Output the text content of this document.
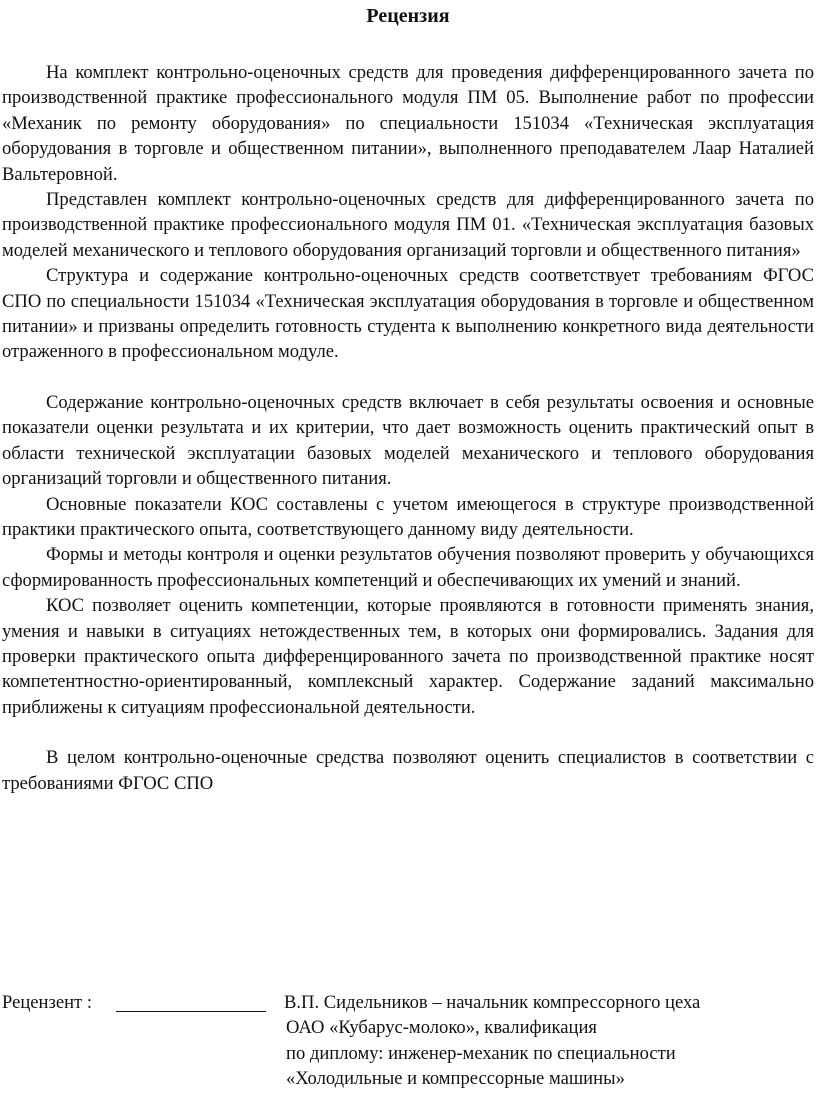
Рецензия

На комплект контрольно-оценочных средств для проведения дифференцированного зачета по производственной практике профессионального модуля ПМ 05. Выполнение работ по профессии «Механик по ремонту оборудования» по специальности 151034 «Техническая эксплуатация оборудования в торговле и общественном питании», выполненного преподавателем Лаар Наталией Вальтеровной.

Представлен комплект контрольно-оценочных средств для дифференцированного зачета по производственной практике профессионального модуля ПМ 01. «Техническая эксплуатация базовых моделей механического и теплового оборудования организаций торговли и общественного питания»

Структура и содержание контрольно-оценочных средств соответствует требованиям ФГОС СПО по специальности 151034 «Техническая эксплуатация оборудования в торговле и общественном питании» и призваны определить готовность студента к выполнению конкретного вида деятельности отраженного в профессиональном модуле.

Содержание контрольно-оценочных средств включает в себя результаты освоения и основные показатели оценки результата и их критерии, что дает возможность оценить практический опыт в области технической эксплуатации базовых моделей механического и теплового оборудования организаций торговли и общественного питания.

Основные показатели КОС составлены с учетом имеющегося в структуре производственной практики практического опыта, соответствующего данному виду деятельности.

Формы и методы контроля и оценки результатов обучения позволяют проверить у обучающихся сформированность профессиональных компетенций и обеспечивающих их умений и знаний.

КОС позволяет оценить компетенции, которые проявляются в готовности применять знания, умения и навыки в ситуациях нетождественных тем, в которых они формировались. Задания для проверки практического опыта дифференцированного зачета по производственной практике носят компетентностно-ориентированный, комплексный характер. Содержание заданий максимально приближены к ситуациям профессиональной деятельности.

В целом контрольно-оценочные средства позволяют оценить специалистов в соответствии с требованиями ФГОС СПО

Рецензент :	В.П. Сидельников – начальник компрессорного цеха
ОАО «Кубарус-молоко», квалификация
по диплому: инженер-механик по специальности
«Холодильные и компрессорные машины»
